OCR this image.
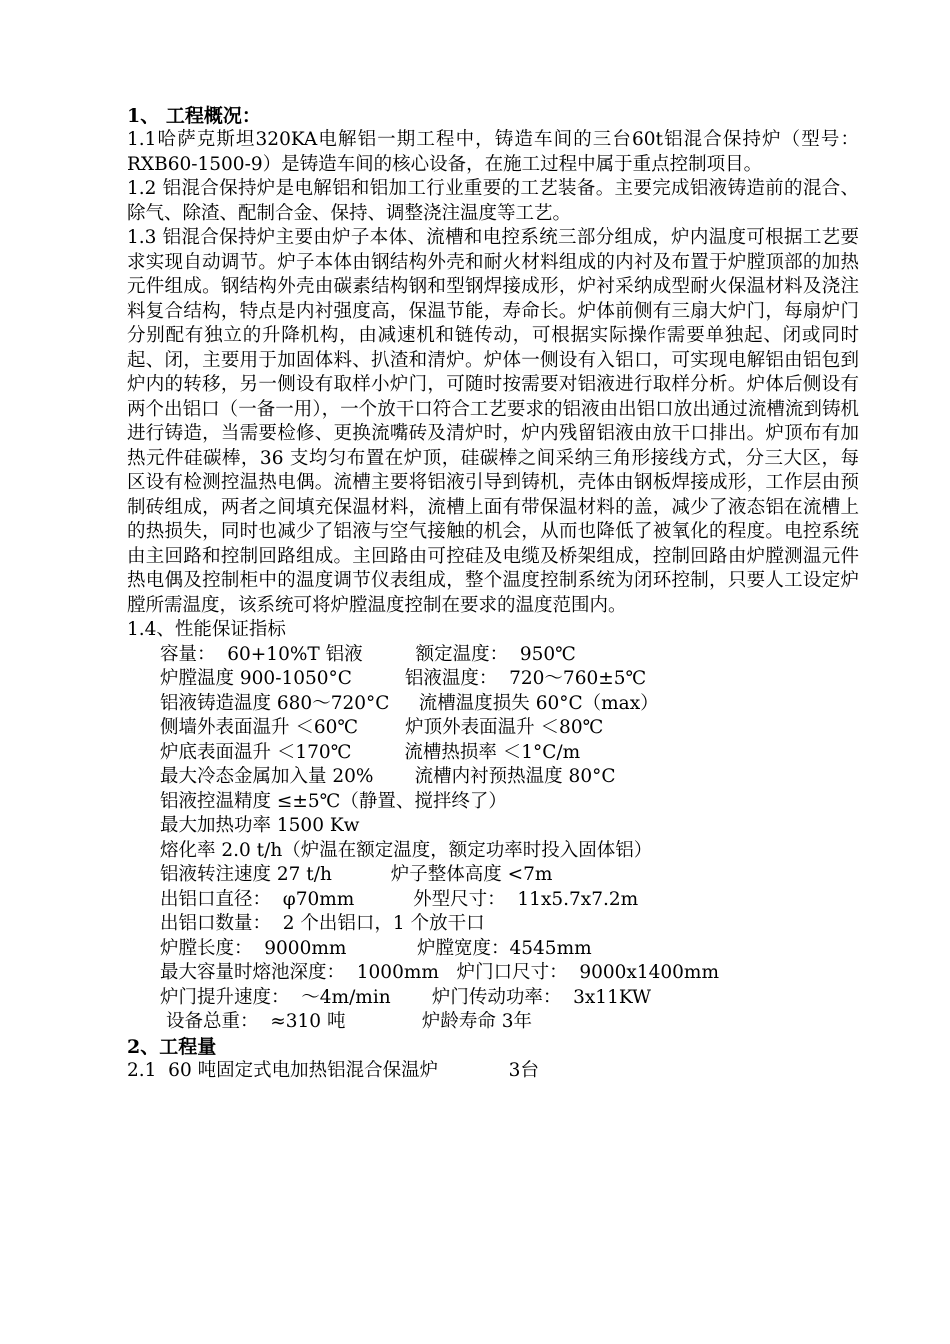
1、 工程概况：

1.1哈萨克斯坦320KA电解铝一期工程中，铸造车间的三台60t铝混合保持炉（型号：RXB60-1500-9）是铸造车间的核心设备，在施工过程中属于重点控制项目。

1.2 铝混合保持炉是电解铝和铝加工行业重要的工艺装备。主要完成铝液铸造前的混合、除气、除渣、配制合金、保持、调整浇注温度等工艺。

1.3 铝混合保持炉主要由炉子本体、流槽和电控系统三部分组成，炉内温度可根据工艺要求实现自动调节。炉子本体由钢结构外壳和耐火材料组成的内衬及布置于炉膛顶部的加热元件组成。钢结构外壳由碳素结构钢和型钢焊接成形，炉衬采纳成型耐火保温材料及浇注料复合结构，特点是内衬强度高，保温节能，寿命长。炉体前侧有三扇大炉门，每扇炉门分别配有独立的升降机构，由减速机和链传动，可根据实际操作需要单独起、闭或同时起、闭，主要用于加固体料、扒渣和清炉。炉体一侧设有入铝口，可实现电解铝由铝包到炉内的转移，另一侧设有取样小炉门，可随时按需要对铝液进行取样分析。炉体后侧设有两个出铝口（一备一用），一个放干口符合工艺要求的铝液由出铝口放出通过流槽流到铸机进行铸造，当需要检修、更换流嘴砖及清炉时，炉内残留铝液由放干口排出。炉顶布有加热元件硅碳棒，36 支均匀布置在炉顶，硅碳棒之间采纳三角形接线方式，分三大区，每区设有检测控温热电偶。流槽主要将铝液引导到铸机，壳体由钢板焊接成形，工作层由预制砖组成，两者之间填充保温材料，流槽上面有带保温材料的盖，减少了液态铝在流槽上的热损失，同时也减少了铝液与空气接触的机会，从而也降低了被氧化的程度。电控系统由主回路和控制回路组成。主回路由可控硅及电缆及桥架组成，控制回路由炉膛测温元件热电偶及控制柜中的温度调节仪表组成，整个温度控制系统为闭环控制，只要人工设定炉膛所需温度，该系统可将炉膛温度控制在要求的温度范围内。

1.4、性能保证指标

容量：  60+10%T 铝液         额定温度：  950℃

炉膛温度 900-1050°C         铝液温度：  720～760±5℃

铝液铸造温度 680～720°C     流槽温度损失 60°C（max）

侧墙外表面温升 ＜60℃        炉顶外表面温升 ＜80℃

炉底表面温升 ＜170℃         流槽热损率 ＜1°C/m

最大冷态金属加入量 20%       流槽内衬预热温度 80°C

铝液控温精度 ≤±5℃（静置、搅拌终了）

最大加热功率 1500 Kw

熔化率 2.0 t/h（炉温在额定温度，额定功率时投入固体铝）

铝液转注速度 27 t/h          炉子整体高度 <7m

出铝口直径：  φ70mm          外型尺寸：  11x5.7x7.2m

出铝口数量：  2 个出铝口，1 个放干口

炉膛长度：  9000mm            炉膛宽度：4545mm

最大容量时熔池深度：  1000mm   炉门口尺寸：  9000x1400mm

炉门提升速度：  ～4m/min       炉门传动功率：  3x11KW

设备总重：  ≈310 吨             炉龄寿命 3年

2、工程量

2.1  60 吨固定式电加热铝混合保温炉            3台
